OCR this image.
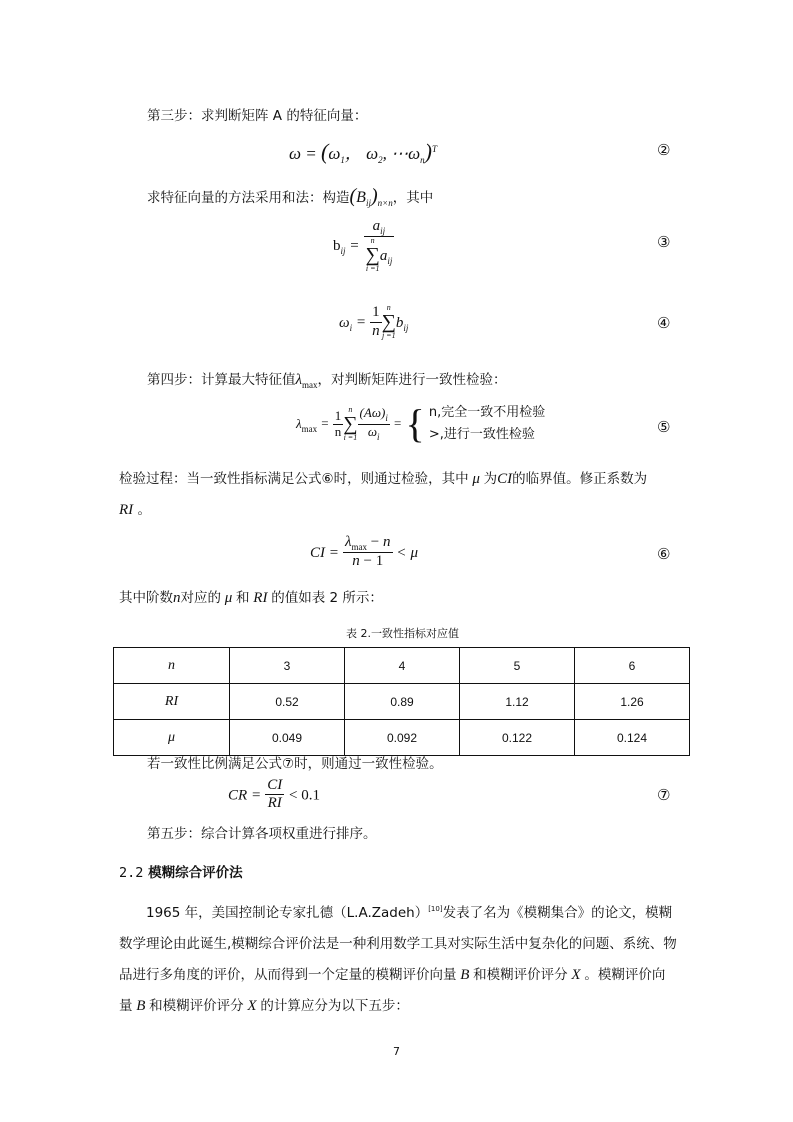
第三步：求判断矩阵 A 的特征向量：
$\omega = (\omega_1$， $\omega_2$, $\cdots\omega_n)^T$	②
求特征向量的方法采用和法：构造$(B_{ij})_{n\times n}$，其中
$b_{ij} = a_{ij}$
n
∑
i =1
$a_{ij}$	③
$\omega_i = \frac{1}{n}$ n
∑
j =1
$b_{ij}$	④
第四步：计算最大特征值$\lambda_{max}$，对判断矩阵进行一致性检验：
$\lambda_{max} = \frac{1}{n}$ n
∑
$i =1 \frac{(A\omega)_i}{\omega_i}$ = { n,完全一致不用检验
>,进行一致性检验	⑤
检验过程：当一致性指标满足公式⑥时，则通过检验，其中 μ 为CI的临界值。修正系数为
RI 。
CI = $\frac{\lambda_{max} - n}{n - 1} < \mu$	⑥
其中阶数n对应的 μ 和 RI 的值如表 2 所示：
表 2.一致性指标对应值
n	3	4	5	6
RI	0.52	0.89	1.12	1.26
μ	0.049	0.092	0.122	0.124
若一致性比例满足公式⑦时，则通过一致性检验。
CR = $\frac{CI}{RI} < 0.1$	⑦
第五步：综合计算各项权重进行排序。
2.2 模糊综合评价法
1965 年，美国控制论专家扎德（L.A.Zadeh）[10]发表了名为《模糊集合》的论文，模糊数学理论由此诞生,模糊综合评价法是一种利用数学工具对实际生活中复杂化的问题、系统、物品进行多角度的评价，从而得到一个定量的模糊评价向量 B 和模糊评价评分 X 。模糊评价向量 B 和模糊评价评分 X 的计算应分为以下五步：
7
